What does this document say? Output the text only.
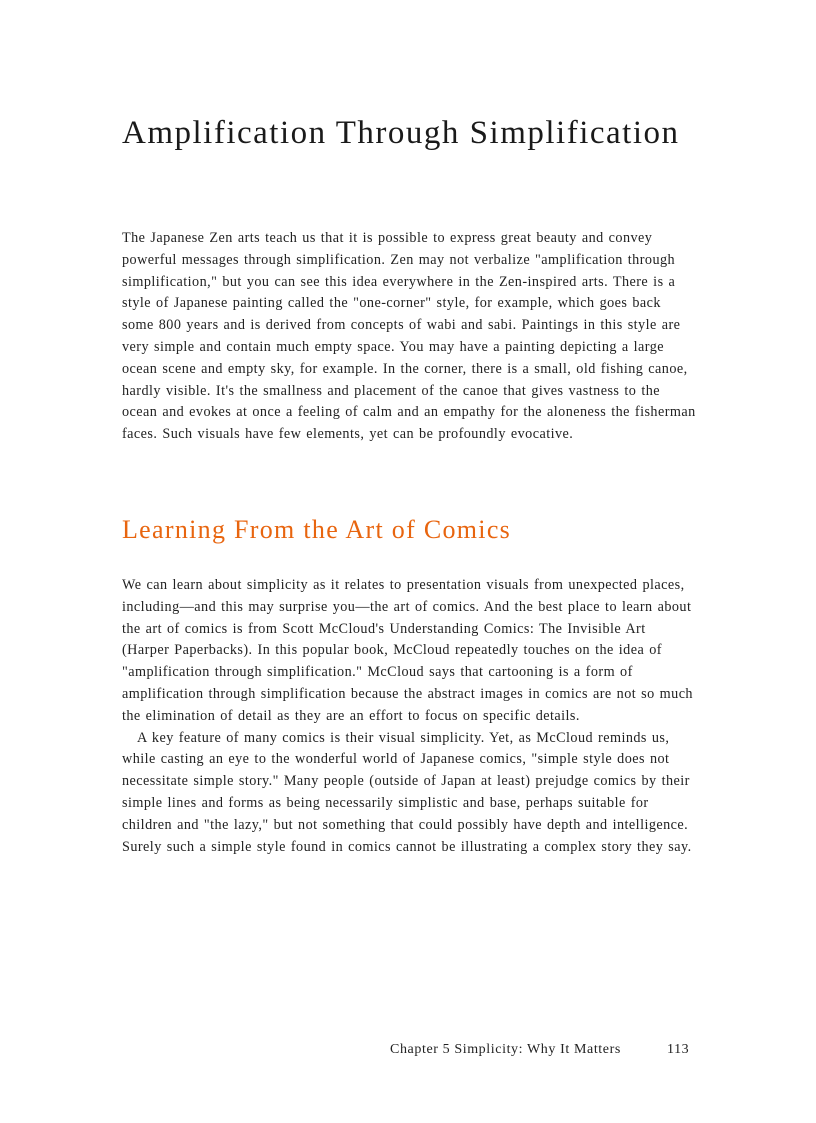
Amplification Through Simplification

The Japanese Zen arts teach us that it is possible to express great beauty and convey powerful messages through simplification. Zen may not verbalize "amplification through simplification," but you can see this idea everywhere in the Zen-inspired arts. There is a style of Japanese painting called the "one-corner" style, for example, which goes back some 800 years and is derived from concepts of wabi and sabi. Paintings in this style are very simple and contain much empty space. You may have a painting depicting a large ocean scene and empty sky, for example. In the corner, there is a small, old fishing canoe, hardly visible. It's the smallness and placement of the canoe that gives vastness to the ocean and evokes at once a feeling of calm and an empathy for the aloneness the fisherman faces. Such visuals have few elements, yet can be profoundly evocative.

Learning From the Art of Comics

We can learn about simplicity as it relates to presentation visuals from unexpected places, including—and this may surprise you—the art of comics. And the best place to learn about the art of comics is from Scott McCloud's Understanding Comics: The Invisible Art (Harper Paperbacks). In this popular book, McCloud repeatedly touches on the idea of "amplification through simplification." McCloud says that cartooning is a form of amplification through simplification because the abstract images in comics are not so much the elimination of detail as they are an effort to focus on specific details.

A key feature of many comics is their visual simplicity. Yet, as McCloud reminds us, while casting an eye to the wonderful world of Japanese comics, "simple style does not necessitate simple story." Many people (outside of Japan at least) prejudge comics by their simple lines and forms as being necessarily simplistic and base, perhaps suitable for children and "the lazy," but not something that could possibly have depth and intelligence. Surely such a simple style found in comics cannot be illustrating a complex story they say.

Chapter 5 Simplicity: Why It Matters	113
